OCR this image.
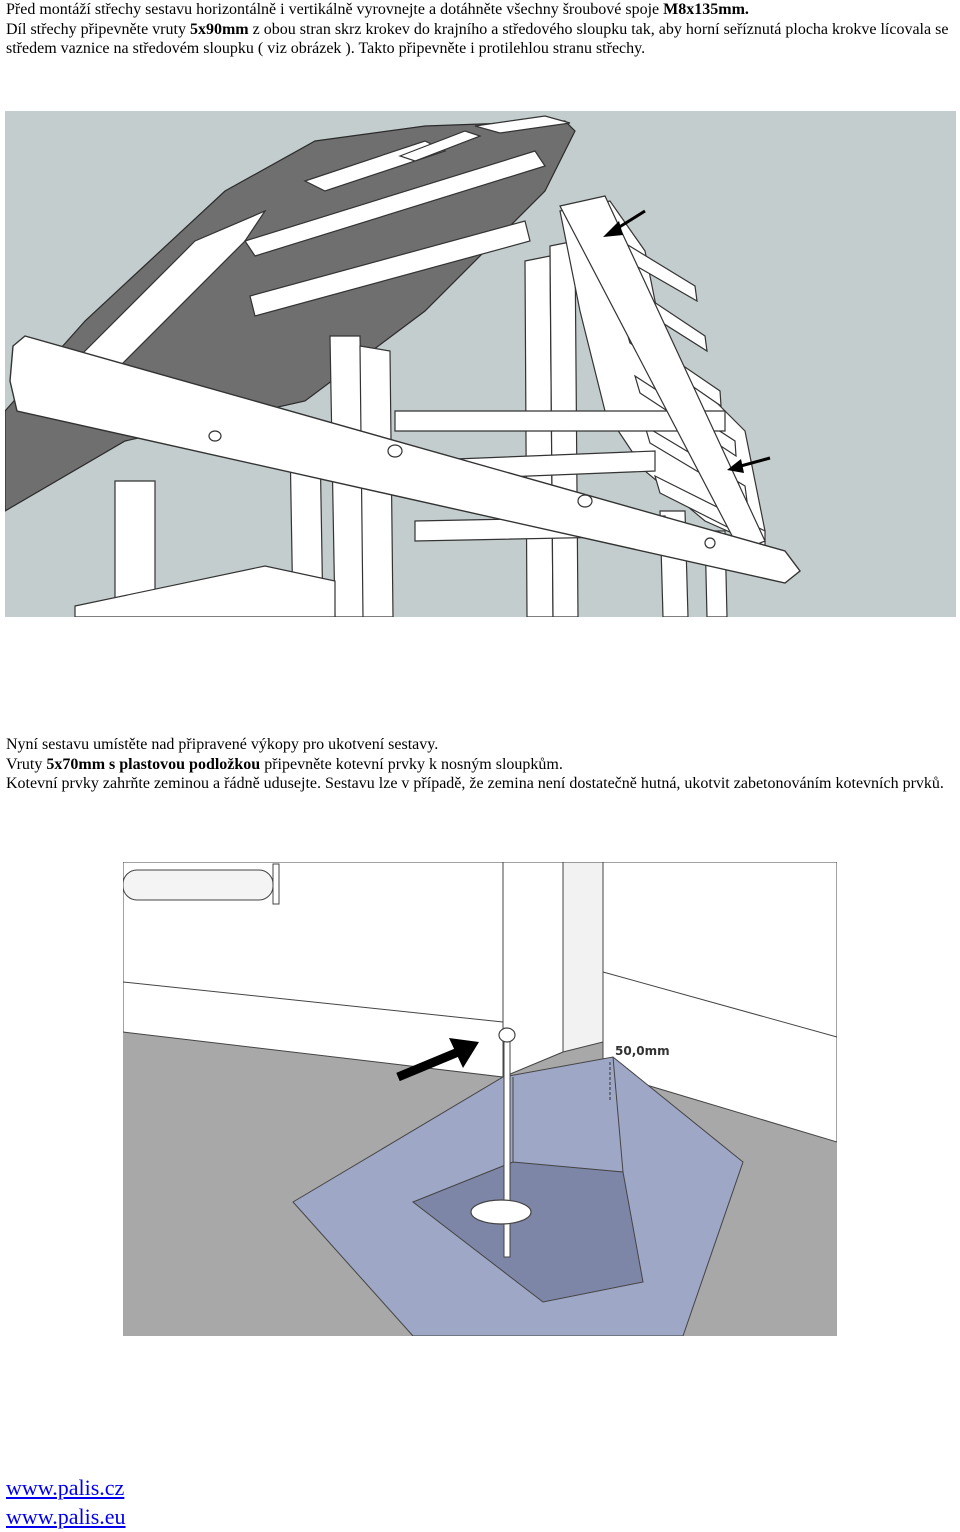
Před montáží střechy sestavu horizontálně i vertikálně vyrovnejte a dotáhněte všechny šroubové spoje M8x135mm.
Díl střechy připevněte vruty 5x90mm z obou stran skrz krokev do krajního a středového sloupku tak, aby horní seříznutá plocha krokve lícovala se středem vaznice na středovém sloupku ( viz obrázek ). Takto připevněte i protilehlou stranu střechy.

Nyní sestavu umístěte nad připravené výkopy pro ukotvení sestavy.
Vruty 5x70mm s plastovou podložkou připevněte kotevní prvky k nosným sloupkům.
Kotevní prvky zahrňte zeminou a řádně udusejte. Sestavu lze v případě, že zemina není dostatečně hutná, ukotvit zabetonováním kotevních prvků.
50,0mm
www.palis.cz
www.palis.eu
